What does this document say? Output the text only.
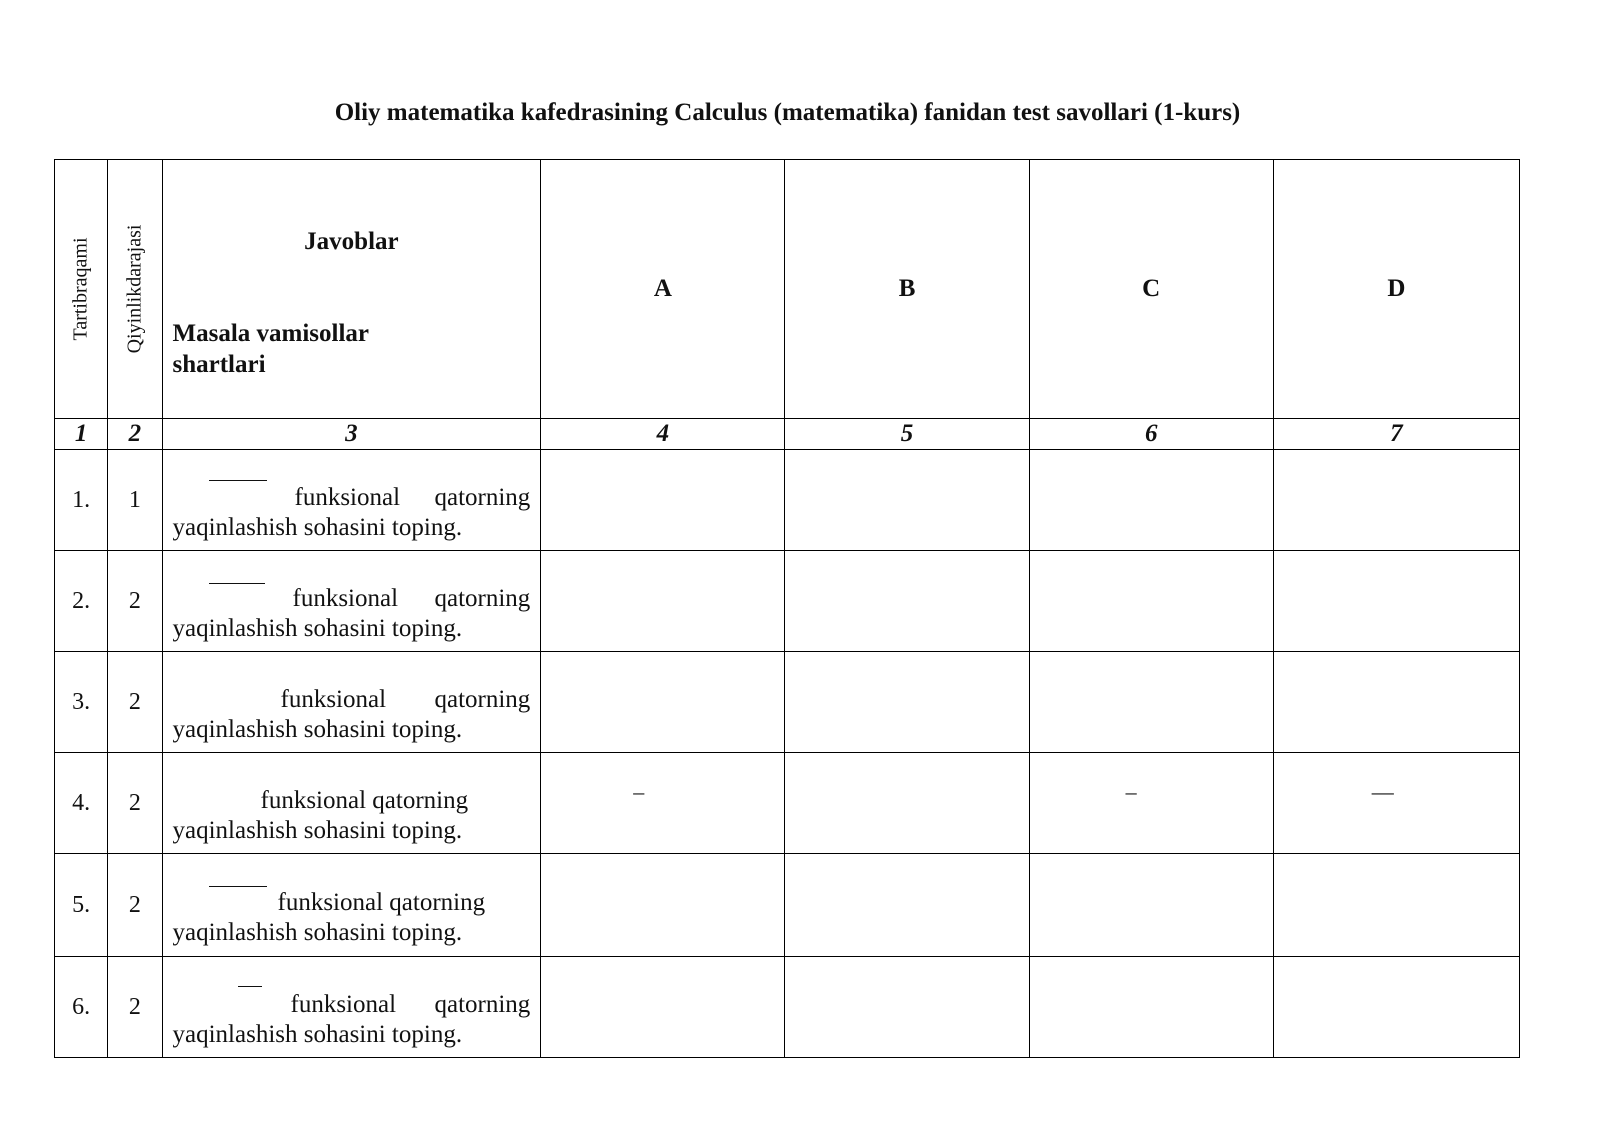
Oliy matematika kafedrasining Calculus (matematika) fanidan test savollari (1-kurs)
Tartibraqami	Qiyinlikdarajasi	Javoblar
Masala vamisollar shartlari	A	B	C	D
1	2	3	4	5	6	7
1.	1	funksional qatorning
yaqinlashish sohasini toping.				

2.	2	funksional qatorning
yaqinlashish sohasini toping.				

3.	2	funksional qatorning
yaqinlashish sohasini toping.				

4.	2	funksional qatorning
yaqinlashish sohasini toping.	–		–	—

5.	2	funksional qatorning
yaqinlashish sohasini toping.				

6.	2	funksional qatorning
yaqinlashish sohasini toping.				
